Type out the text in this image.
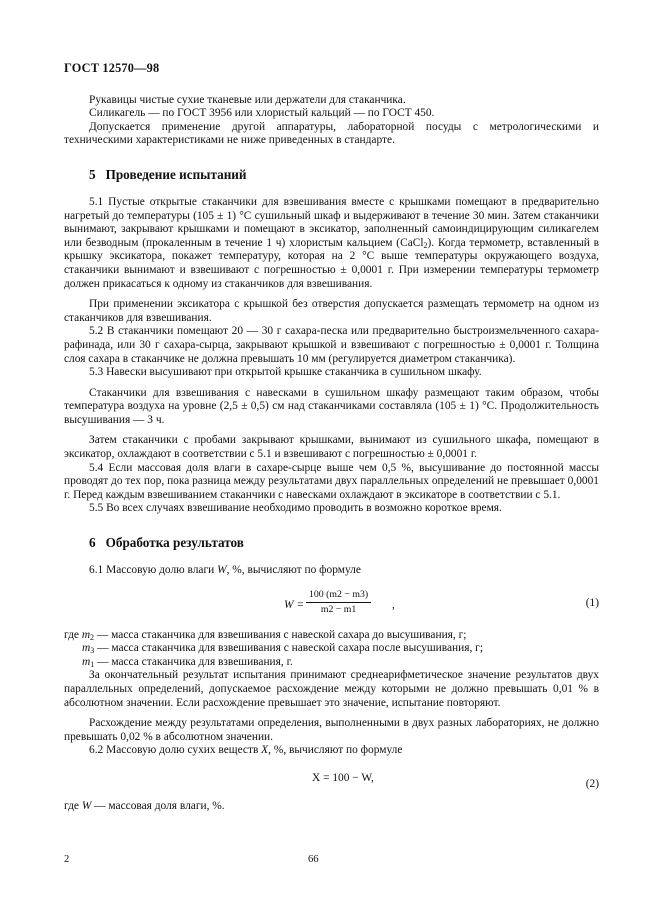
ГОСТ 12570—98

Рукавицы чистые сухие тканевые или держатели для стаканчика.

Силикагель — по ГОСТ 3956 или хлористый кальций — по ГОСТ 450.

Допускается применение другой аппаратуры, лабораторной посуды с метрологическими и техническими характеристиками не ниже приведенных в стандарте.

5 Проведение испытаний

5.1 Пустые открытые стаканчики для взвешивания вместе с крышками помещают в предварительно нагретый до температуры (105 ± 1) °С сушильный шкаф и выдерживают в течение 30 мин. Затем стаканчики вынимают, закрывают крышками и помещают в эксикатор, заполненный самоиндицирующим силикагелем или безводным (прокаленным в течение 1 ч) хлористым кальцием (CaCl$_2$). Когда термометр, вставленный в крышку эксикатора, покажет температуру, которая на 2 °С выше температуры окружающего воздуха, стаканчики вынимают и взвешивают с погрешностью ± 0,0001 г. При измерении температуры термометр должен прикасаться к одному из стаканчиков для взвешивания.

При применении эксикатора с крышкой без отверстия допускается размещать термометр на одном из стаканчиков для взвешивания.

5.2 В стаканчики помещают 20 — 30 г сахара-песка или предварительно быстроизмельченного сахара-рафинада, или 30 г сахара-сырца, закрывают крышкой и взвешивают с погрешностью ± 0,0001 г. Толщина слоя сахара в стаканчике не должна превышать 10 мм (регулируется диаметром стаканчика).

5.3 Навески высушивают при открытой крышке стаканчика в сушильном шкафу.

Стаканчики для взвешивания с навесками в сушильном шкафу размещают таким образом, чтобы температура воздуха на уровне (2,5 ± 0,5) см над стаканчиками составляла (105 ± 1) °С. Продолжительность высушивания — 3 ч.

Затем стаканчики с пробами закрывают крышками, вынимают из сушильного шкафа, помещают в эксикатор, охлаждают в соответствии с 5.1 и взвешивают с погрешностью ± 0,0001 г.

5.4 Если массовая доля влаги в сахаре-сырце выше чем 0,5 %, высушивание до постоянной массы проводят до тех пор, пока разница между результатами двух параллельных определений не превышает 0,0001 г. Перед каждым взвешиванием стаканчики с навесками охлаждают в эксикаторе в соответствии с 5.1.

5.5 Во всех случаях взвешивание необходимо проводить в возможно короткое время.

6 Обработка результатов

6.1 Массовую долю влаги W, %, вычисляют по формуле

$W = \frac{100 (m2 - m3)}{m2 - m1}$ ,	(1)
где $m_2$ — масса стаканчика для взвешивания с навеской сахара до высушивания, г;
$m_3$ — масса стаканчика для взвешивания с навеской сахара после высушивания, г;
$m_1$ — масса стаканчика для взвешивания, г.

За окончательный результат испытания принимают среднеарифметическое значение результатов двух параллельных определений, допускаемое расхождение между которыми не должно превышать 0,01 % в абсолютном значении. Если расхождение превышает это значение, испытание повторяют.

Расхождение между результатами определения, выполненными в двух разных лабораториях, не должно превышать 0,02 % в абсолютном значении.

6.2 Массовую долю сухих веществ X, %, вычисляют по формуле

X = 100 − W,	(2)

где W — массовая доля влаги, %.

2	66
